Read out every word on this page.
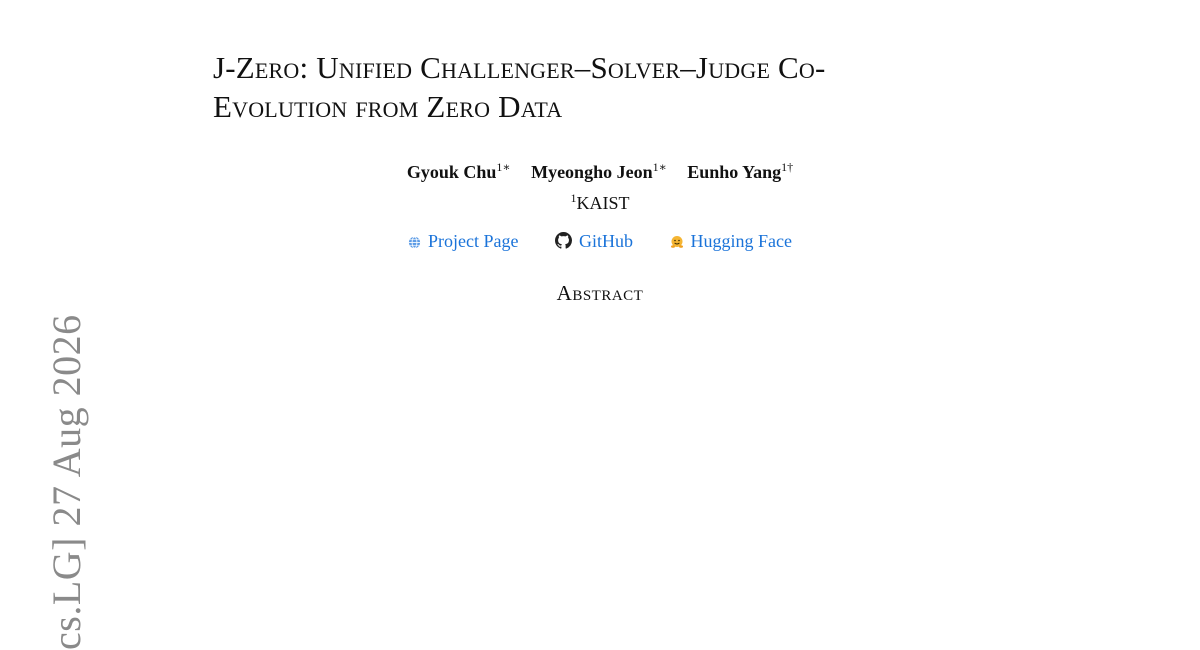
J-Zero: Unified Challenger–Solver–Judge Co-
Evolution from Zero Data
Gyouk Chu$^{1∗}$ Myeongho Jeon$^{1∗}$ Eunho Yang$^{1\dagger}$
$^1$KAIST
Project Page	GitHub	Hugging Face
Abstract
cs.LG] 27 Aug 2026
